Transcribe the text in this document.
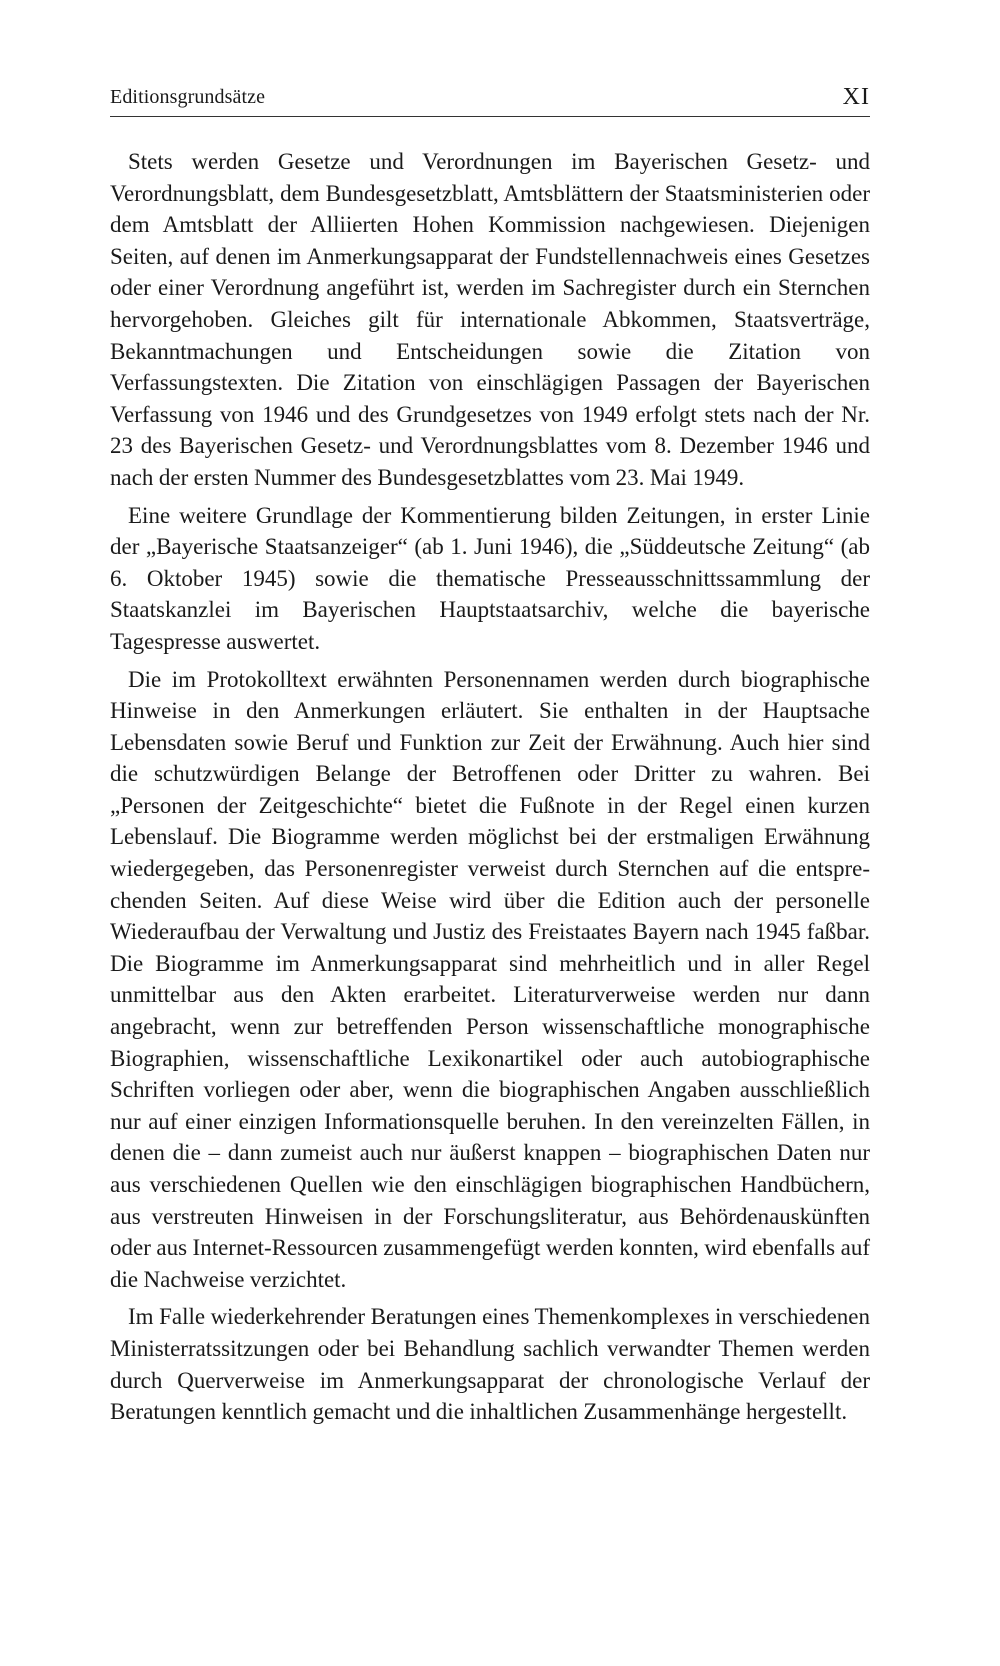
Editionsgrundsätze	XI

Stets werden Gesetze und Verordnungen im Bayerischen Gesetz- und Verordnungsblatt, dem Bundesgesetzblatt, Amtsblättern der Staatsministerien oder dem Amtsblatt der Alliierten Hohen Kommission nachgewiesen. Diejenigen Seiten, auf denen im Anmerkungsapparat der Fundstellennachweis eines Gesetzes oder einer Verordnung angeführt ist, werden im Sachregister durch ein Sternchen hervorgehoben. Gleiches gilt für internationale Abkommen, Staatsverträge, Bekanntmachungen und Entscheidungen sowie die Zitation von Verfassungstexten. Die Zitation von einschlägigen Passagen der Bayerischen Verfassung von 1946 und des Grundgesetzes von 1949 erfolgt stets nach der Nr. 23 des Bayerischen Gesetz- und Verordnungsblattes vom 8. Dezember 1946 und nach der ersten Nummer des Bundesgesetzblattes vom 23. Mai 1949.

Eine weitere Grundlage der Kommentierung bilden Zeitungen, in erster Linie der „Bayerische Staatsanzeiger“ (ab 1. Juni 1946), die „Süddeutsche Zeitung“ (ab 6. Oktober 1945) sowie die thematische Presseausschnittssammlung der Staatskanzlei im Bayerischen Hauptstaatsarchiv, welche die bayerische Tagespresse auswertet.

Die im Protokolltext erwähnten Personennamen werden durch biographische Hinweise in den Anmerkungen erläutert. Sie enthalten in der Hauptsache Lebensdaten sowie Beruf und Funktion zur Zeit der Erwähnung. Auch hier sind die schutzwürdigen Belange der Betroffenen oder Dritter zu wahren. Bei „Personen der Zeitgeschichte“ bietet die Fußnote in der Regel einen kurzen Lebenslauf. Die Biogramme werden möglichst bei der erstmaligen Erwähnung wiedergegeben, das Personenregister verweist durch Sternchen auf die entsprechenden Seiten. Auf diese Weise wird über die Edition auch der personelle Wiederaufbau der Verwaltung und Justiz des Freistaates Bayern nach 1945 faßbar. Die Biogramme im Anmerkungsapparat sind mehrheitlich und in aller Regel unmittelbar aus den Akten erarbeitet. Literaturverweise werden nur dann angebracht, wenn zur betreffenden Person wissenschaftliche monographische Biographien, wissenschaftliche Lexikonartikel oder auch autobiographische Schriften vorliegen oder aber, wenn die biographischen Angaben ausschließlich nur auf einer einzigen Informationsquelle beruhen. In den vereinzelten Fällen, in denen die – dann zumeist auch nur äußerst knappen – biographischen Daten nur aus verschiedenen Quellen wie den einschlägigen biographischen Handbüchern, aus verstreuten Hinweisen in der Forschungsliteratur, aus Behördenauskünften oder aus Internet-Ressourcen zusammengefügt werden konnten, wird ebenfalls auf die Nachweise verzichtet.

Im Falle wiederkehrender Beratungen eines Themenkomplexes in verschiedenen Ministerratssitzungen oder bei Behandlung sachlich verwandter Themen werden durch Querverweise im Anmerkungsapparat der chronologische Verlauf der Beratungen kenntlich gemacht und die inhaltlichen Zusammenhänge hergestellt.
